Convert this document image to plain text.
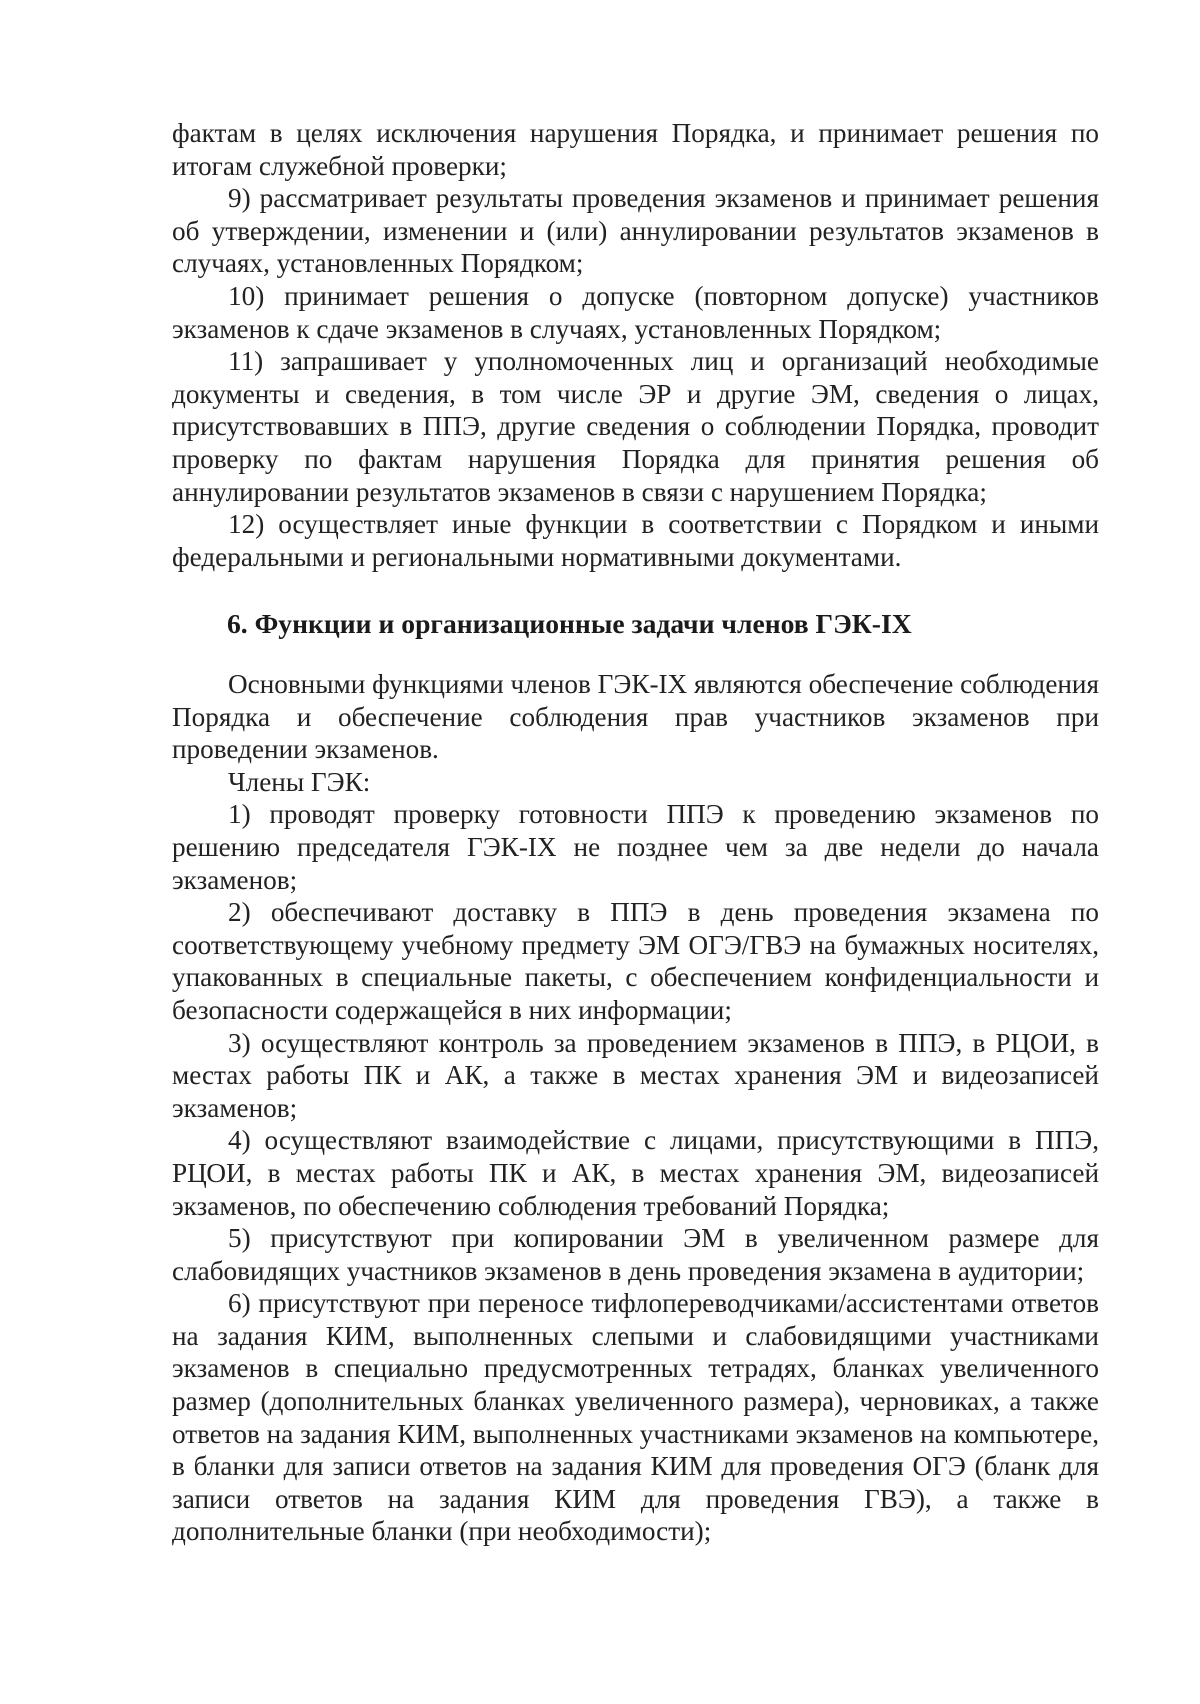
фактам в целях исключения нарушения Порядка, и принимает решения по итогам служебной проверки;

9) рассматривает результаты проведения экзаменов и принимает решения об утверждении, изменении и (или) аннулировании результатов экзаменов в случаях, установленных Порядком;

10) принимает решения о допуске (повторном допуске) участников экзаменов к сдаче экзаменов в случаях, установленных Порядком;

11) запрашивает у уполномоченных лиц и организаций необходимые документы и сведения, в том числе ЭР и другие ЭМ, сведения о лицах, присутствовавших в ППЭ, другие сведения о соблюдении Порядка, проводит проверку по фактам нарушения Порядка для принятия решения об аннулировании результатов экзаменов в связи с нарушением Порядка;

12) осуществляет иные функции в соответствии с Порядком и иными федеральными и региональными нормативными документами.

6. Функции и организационные задачи членов ГЭК-IX

Основными функциями членов ГЭК-IX являются обеспечение соблюдения Порядка и обеспечение соблюдения прав участников экзаменов при проведении экзаменов.

Члены ГЭК:

1) проводят проверку готовности ППЭ к проведению экзаменов по решению председателя ГЭК-IX не позднее чем за две недели до начала экзаменов;

2) обеспечивают доставку в ППЭ в день проведения экзамена по соответствующему учебному предмету ЭМ ОГЭ/ГВЭ на бумажных носителях, упакованных в специальные пакеты, с обеспечением конфиденциальности и безопасности содержащейся в них информации;

3) осуществляют контроль за проведением экзаменов в ППЭ, в РЦОИ, в местах работы ПК и АК, а также в местах хранения ЭМ и видеозаписей экзаменов;

4) осуществляют взаимодействие с лицами, присутствующими в ППЭ, РЦОИ, в местах работы ПК и АК, в местах хранения ЭМ, видеозаписей экзаменов, по обеспечению соблюдения требований Порядка;

5) присутствуют при копировании ЭМ в увеличенном размере для слабовидящих участников экзаменов в день проведения экзамена в аудитории;

6) присутствуют при переносе тифлопереводчиками/ассистентами ответов на задания КИМ, выполненных слепыми и слабовидящими участниками экзаменов в специально предусмотренных тетрадях, бланках увеличенного размер (дополнительных бланках увеличенного размера), черновиках, а также ответов на задания КИМ, выполненных участниками экзаменов на компьютере, в бланки для записи ответов на задания КИМ для проведения ОГЭ (бланк для записи ответов на задания КИМ для проведения ГВЭ), а также в дополнительные бланки (при необходимости);
